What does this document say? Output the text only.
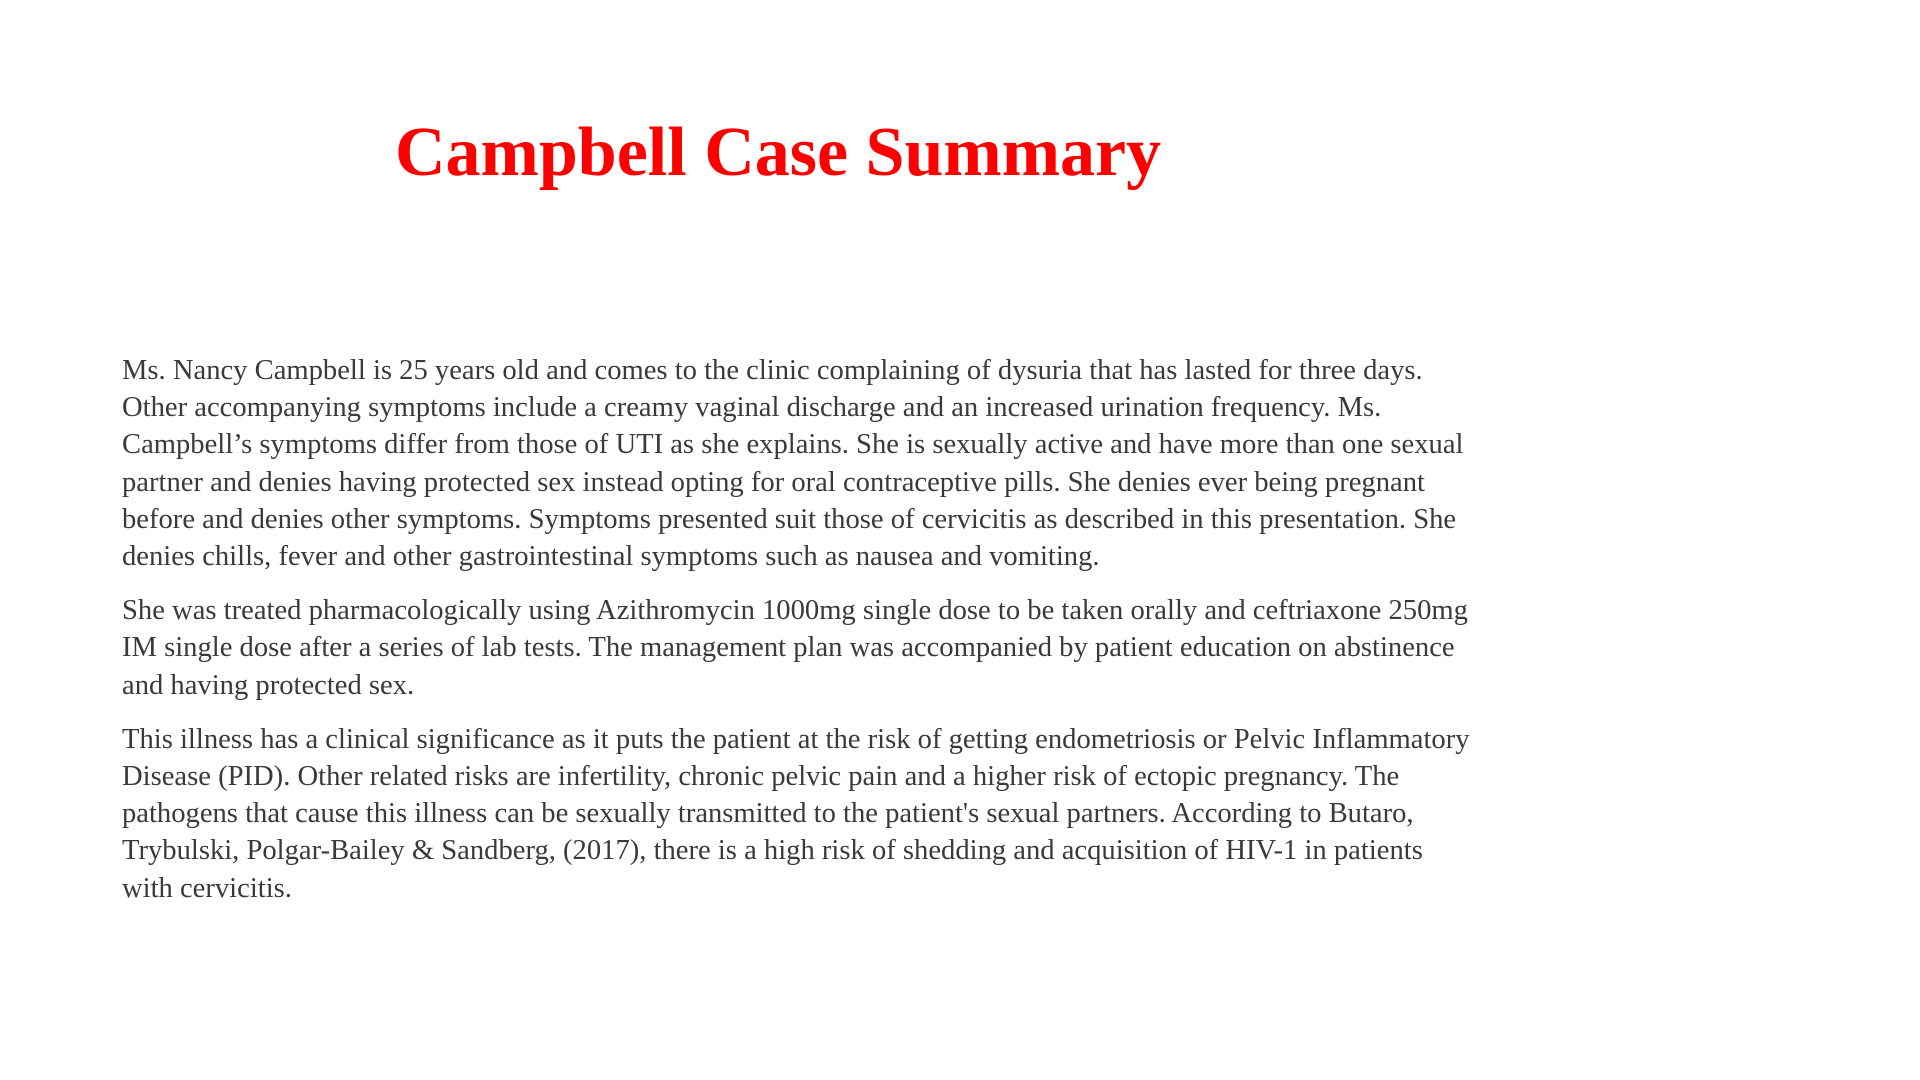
Campbell Case Summary

Ms. Nancy Campbell is 25 years old and comes to the clinic complaining of dysuria that has lasted for three days. Other accompanying symptoms include a creamy vaginal discharge and an increased urination frequency. Ms. Campbell’s symptoms differ from those of UTI as she explains. She is sexually active and have more than one sexual partner and denies having protected sex instead opting for oral contraceptive pills. She denies ever being pregnant before and denies other symptoms. Symptoms presented suit those of cervicitis as described in this presentation. She denies chills, fever and other gastrointestinal symptoms such as nausea and vomiting.

She was treated pharmacologically using Azithromycin 1000mg single dose to be taken orally and ceftriaxone 250mg IM single dose after a series of lab tests. The management plan was accompanied by patient education on abstinence and having protected sex.

This illness has a clinical significance as it puts the patient at the risk of getting endometriosis or Pelvic Inflammatory Disease (PID). Other related risks are infertility, chronic pelvic pain and a higher risk of ectopic pregnancy. The pathogens that cause this illness can be sexually transmitted to the patient's sexual partners. According to Butaro, Trybulski, Polgar-Bailey & Sandberg, (2017), there is a high risk of shedding and acquisition of HIV-1 in patients with cervicitis.
